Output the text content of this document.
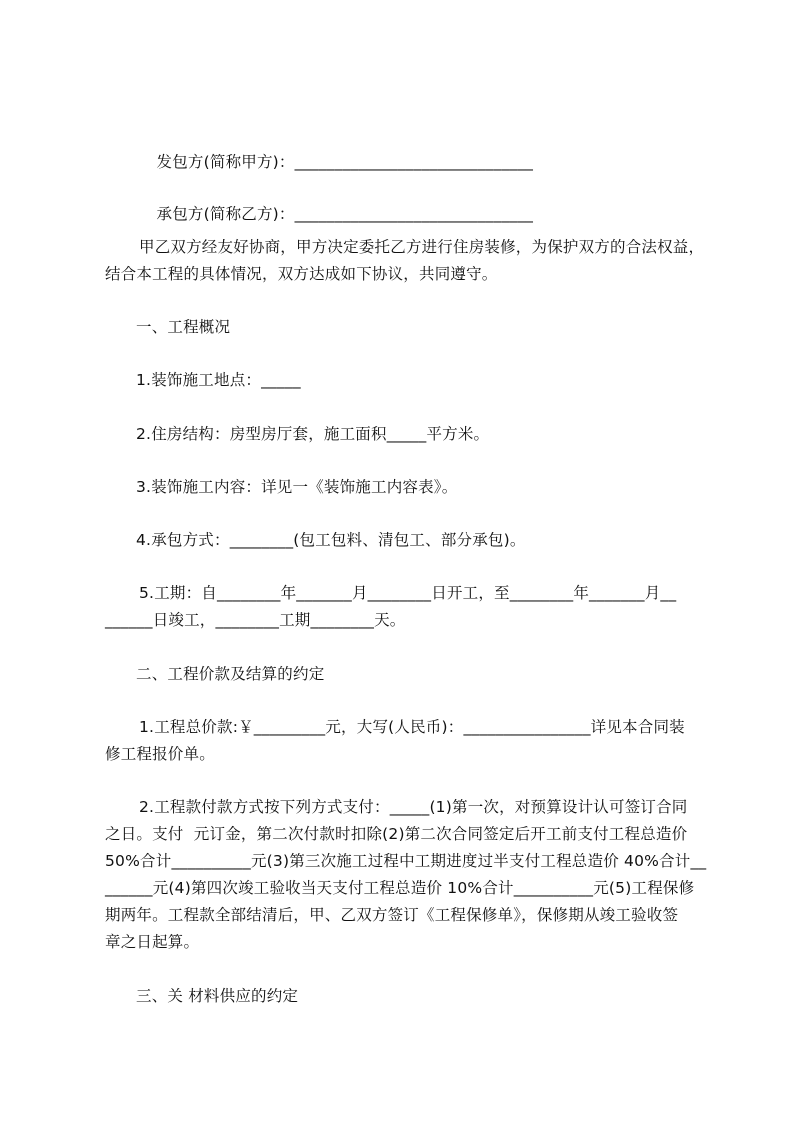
发包方(简称甲方)：______________________________

承包方(简称乙方)：______________________________

甲乙双方经友好协商，甲方决定委托乙方进行住房装修，为保护双方的合法权益，
结合本工程的具体情况，双方达成如下协议，共同遵守。
一、工程概况
1.装饰施工地点：_____
2.住房结构：房型房厅套，施工面积_____平方米。
3.装饰施工内容：详见一《装饰施工内容表》。
4.承包方式：________(包工包料、清包工、部分承包)。
5.工期：自________年_______月________日开工，至________年_______月__
______日竣工，________工期________天。
二、工程价款及结算的约定
1.工程总价款:￥_________元，大写(人民币)：________________详见本合同装
修工程报价单。
2.工程款付款方式按下列方式支付：_____(1)第一次，对预算设计认可签订合同
之日。支付  元订金，第二次付款时扣除(2)第二次合同签定后开工前支付工程总造价
50%合计__________元(3)第三次施工过程中工期进度过半支付工程总造价 40%合计__
______元(4)第四次竣工验收当天支付工程总造价 10%合计__________元(5)工程保修
期两年。工程款全部结清后，甲、乙双方签订《工程保修单》，保修期从竣工验收签
章之日起算。
三、关 材料供应的约定
